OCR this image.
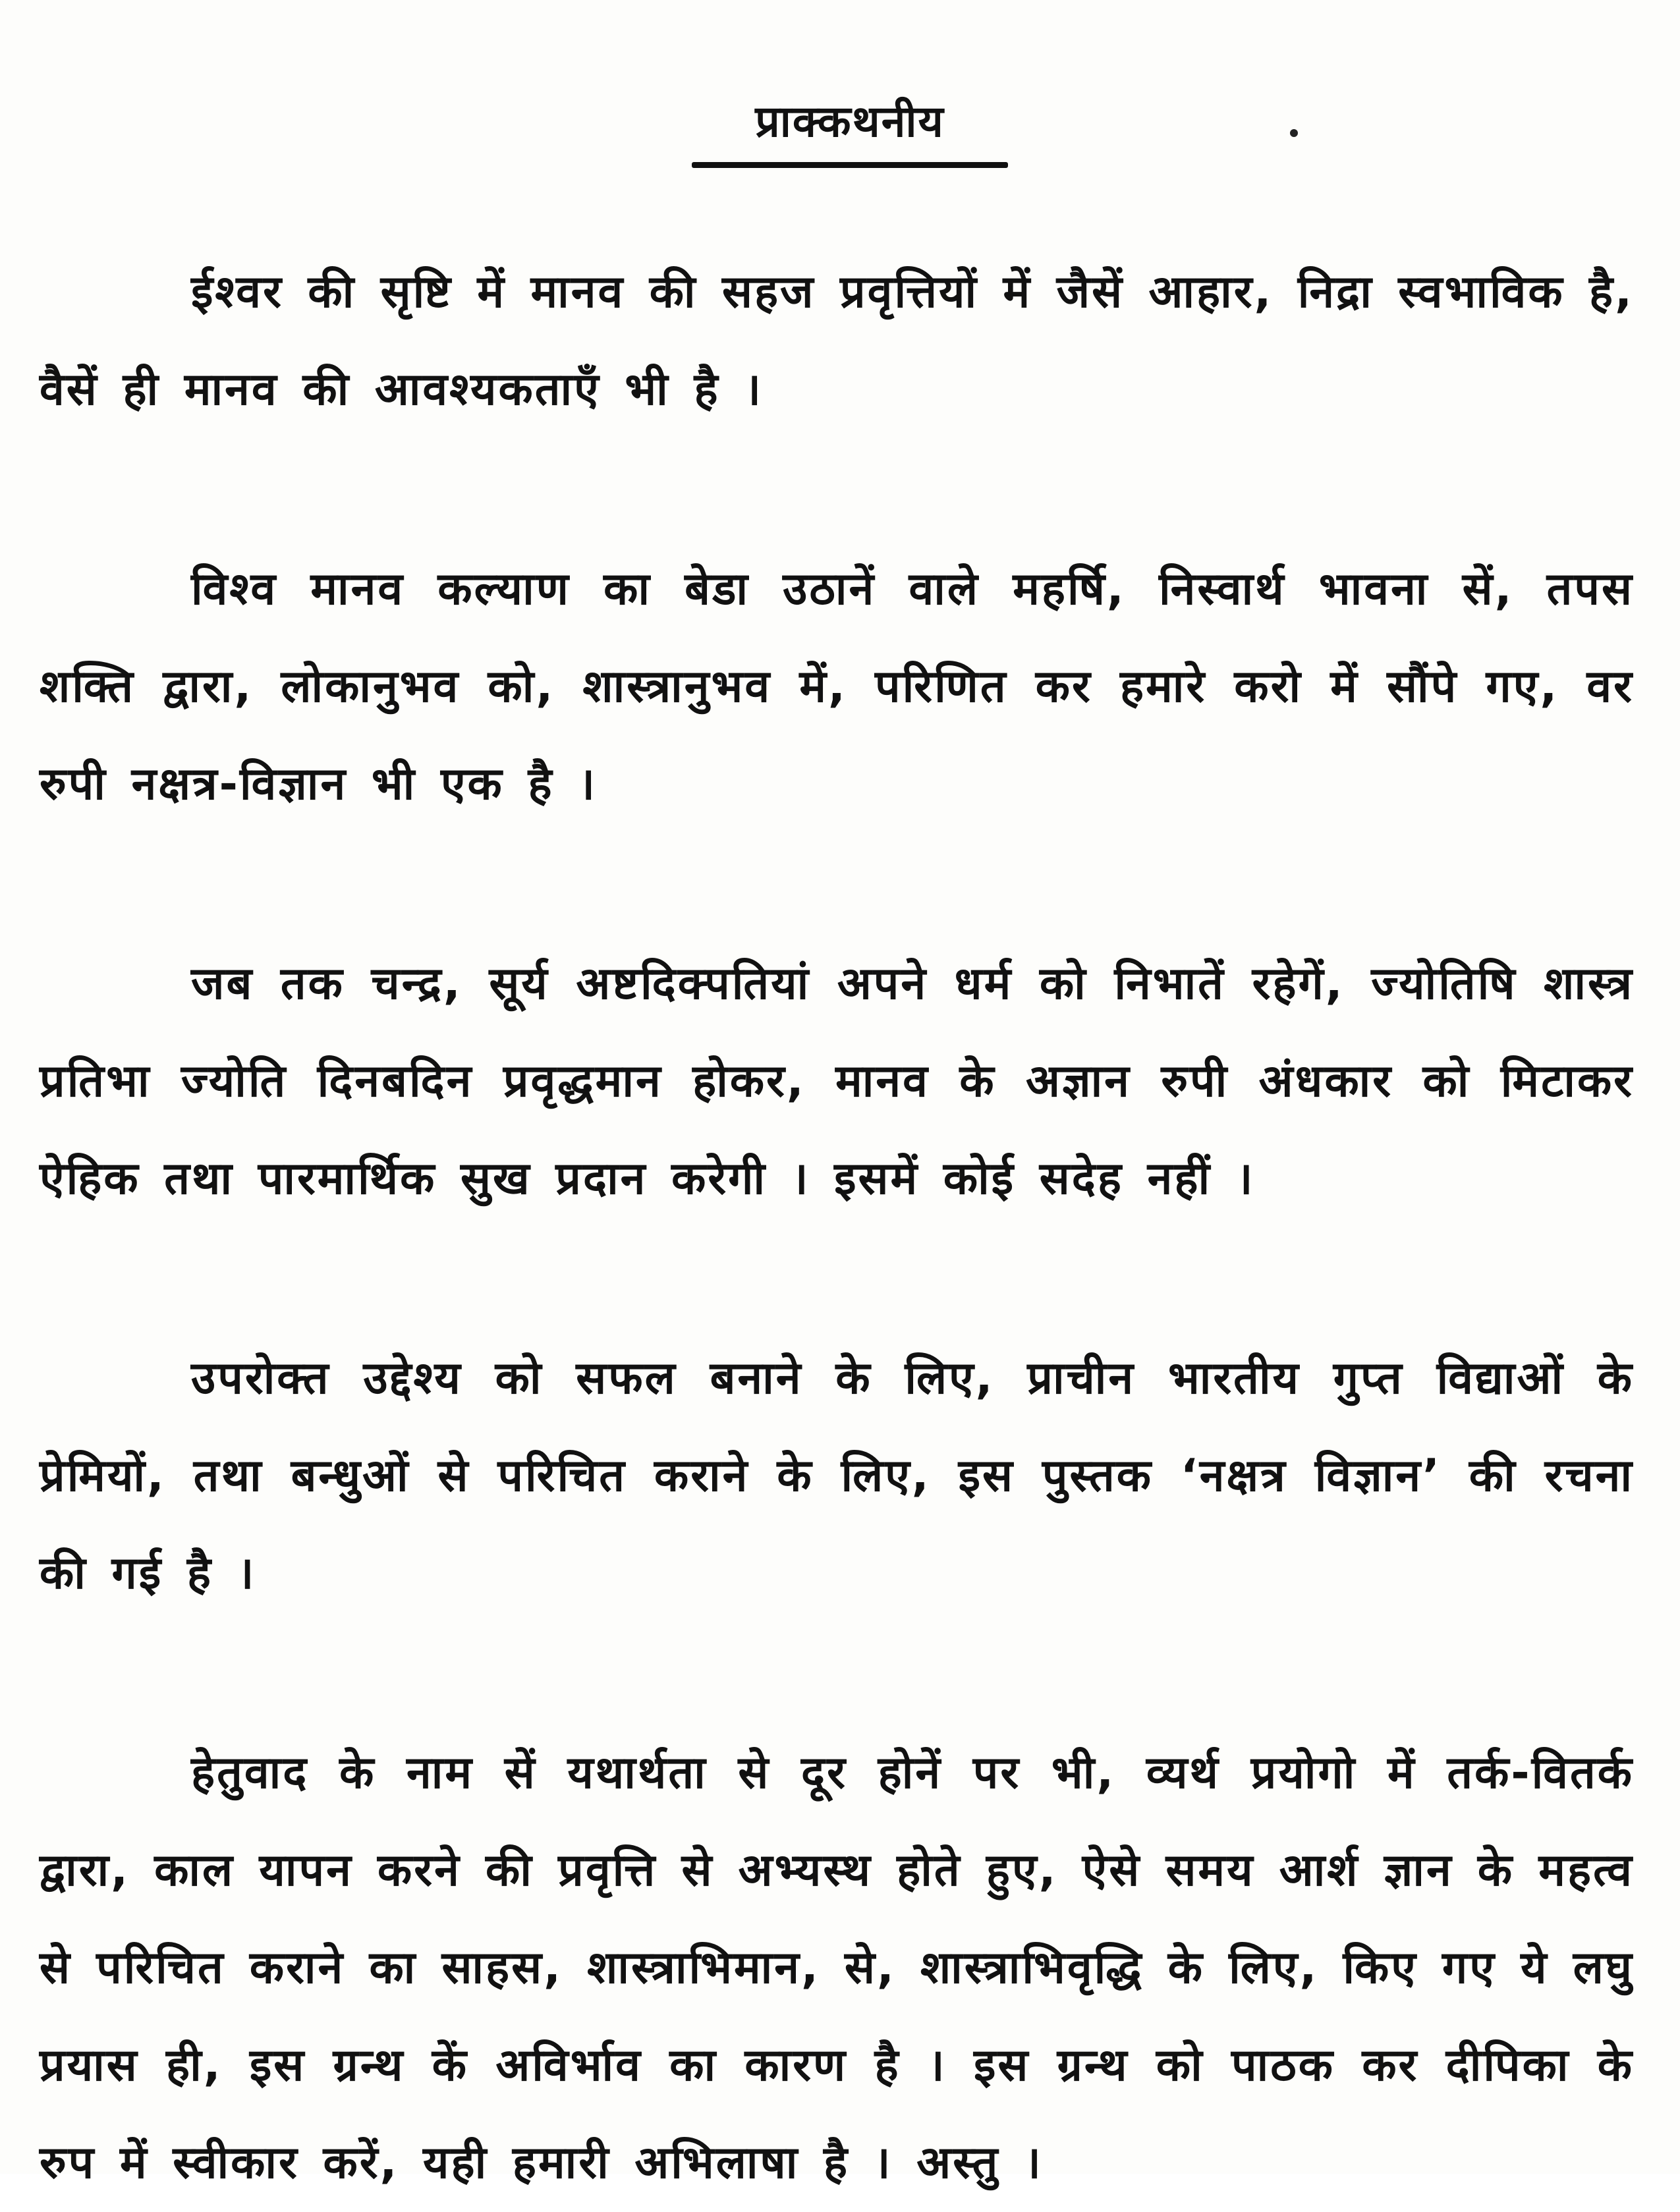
प्राक्कथनीय

ईश्वर की सृष्टि में मानव की सहज प्रवृत्तियों में जैसें आहार, निद्रा स्वभाविक है, वैसें ही मानव की आवश्यकताएँ भी है ।

विश्व मानव कल्याण का बेडा उठानें वाले महर्षि, निस्वार्थ भावना सें, तपस शक्ति द्वारा, लोकानुभव को, शास्त्रानुभव में, परिणित कर हमारे करो में सौंपे गए, वर रुपी नक्षत्र-विज्ञान भी एक है ।

जब तक चन्द्र, सूर्य अष्टदिक्पतियां अपने धर्म को निभातें रहेगें, ज्योतिषि शास्त्र प्रतिभा ज्योति दिनबदिन प्रवृद्धमान होकर, मानव के अज्ञान रुपी अंधकार को मिटाकर ऐहिक तथा पारमार्थिक सुख प्रदान करेगी । इसमें कोई सदेह नहीं ।

उपरोक्त उद्देश्य को सफल बनाने के लिए, प्राचीन भारतीय गुप्त विद्याओं के प्रेमियों, तथा बन्धुओं से परिचित कराने के लिए, इस पुस्तक ‘नक्षत्र विज्ञान’ की रचना की गई है ।

हेतुवाद के नाम सें यथार्थता से दूर होनें पर भी, व्यर्थ प्रयोगो में तर्क-वितर्क द्वारा, काल यापन करने की प्रवृत्ति से अभ्यस्थ होते हुए, ऐसे समय आर्श ज्ञान के महत्व से परिचित कराने का साहस, शास्त्राभिमान, से, शास्त्राभिवृद्धि के लिए, किए गए ये लघु प्रयास ही, इस ग्रन्थ कें अविर्भाव का कारण है । इस ग्रन्थ को पाठक कर दीपिका के रुप में स्वीकार करें, यही हमारी अभिलाषा है । अस्तु ।
